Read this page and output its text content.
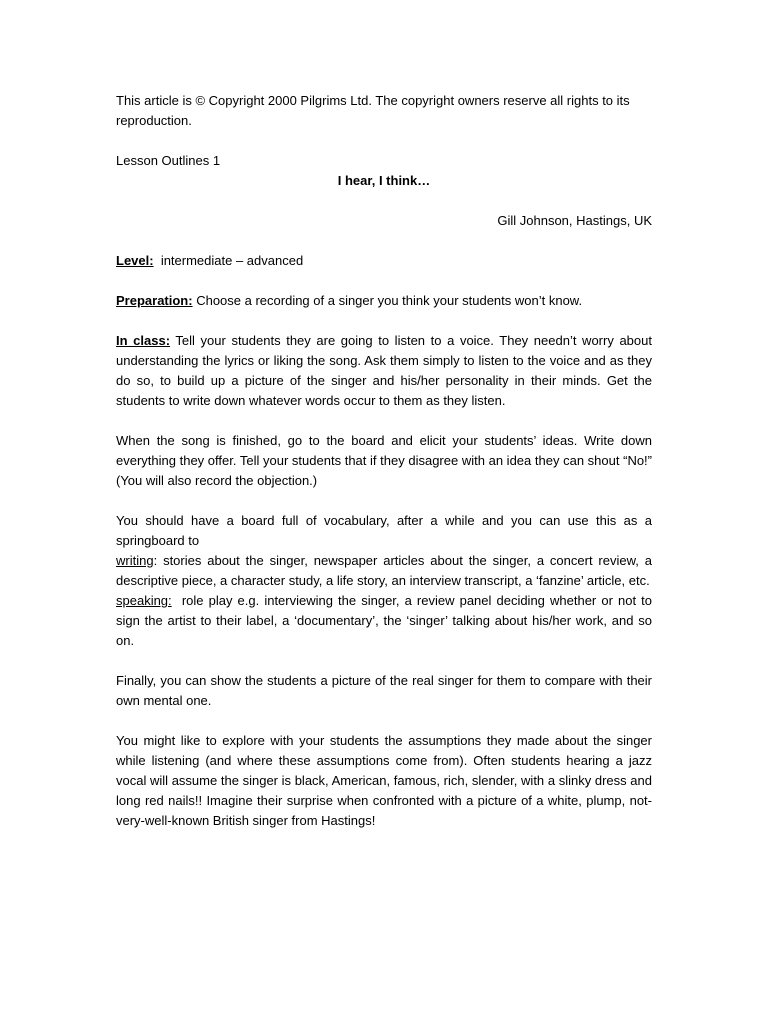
This article is © Copyright 2000 Pilgrims Ltd. The copyright owners reserve all rights to its
reproduction.

Lesson Outlines 1

I hear, I think…

Gill Johnson, Hastings, UK

Level: intermediate – advanced

Preparation: Choose a recording of a singer you think your students won’t know.

In class: Tell your students they are going to listen to a voice. They needn’t worry about understanding the lyrics or liking the song. Ask them simply to listen to the voice and as they do so, to build up a picture of the singer and his/her personality in their minds. Get the students to write down whatever words occur to them as they listen.

When the song is finished, go to the board and elicit your students’ ideas. Write down everything they offer. Tell your students that if they disagree with an idea they can shout “No!” (You will also record the objection.)

You should have a board full of vocabulary, after a while and you can use this as a springboard to

writing: stories about the singer, newspaper articles about the singer, a concert review, a descriptive piece, a character study, a life story, an interview transcript, a ‘fanzine’ article, etc.

speaking: role play e.g. interviewing the singer, a review panel deciding whether or not to sign the artist to their label, a ‘documentary’, the ‘singer’ talking about his/her work, and so on.

Finally, you can show the students a picture of the real singer for them to compare with their own mental one.

You might like to explore with your students the assumptions they made about the singer while listening (and where these assumptions come from). Often students hearing a jazz vocal will assume the singer is black, American, famous, rich, slender, with a slinky dress and long red nails!! Imagine their surprise when confronted with a picture of a white, plump, not-very-well-known British singer from Hastings!
